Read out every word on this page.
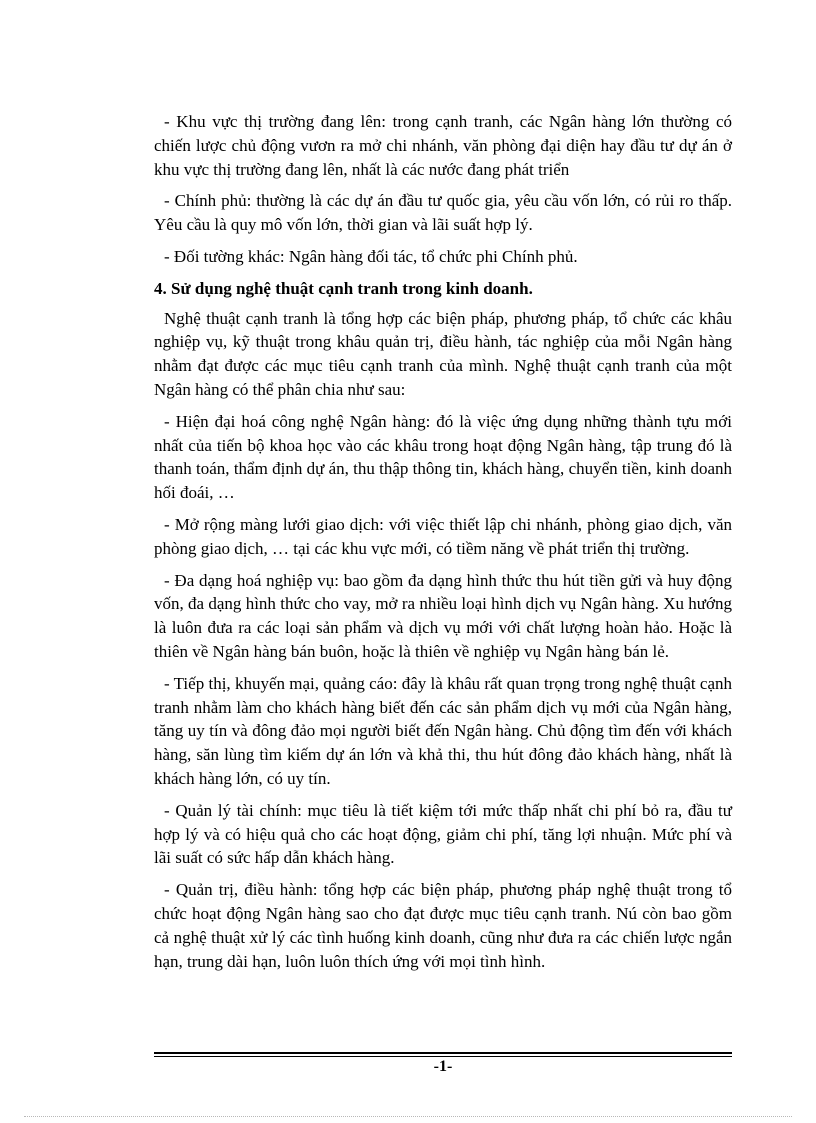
- Khu vực thị trường đang lên: trong cạnh tranh, các Ngân hàng lớn thường có chiến lược chủ động vươn ra mở chi nhánh, văn phòng đại diện hay đầu tư dự án ở khu vực thị trường đang lên, nhất là các nước đang phát triển

- Chính phủ: thường là các dự án đầu tư quốc gia, yêu cầu vốn lớn, có rủi ro thấp. Yêu cầu là quy mô vốn lớn, thời gian và lãi suất hợp lý.

- Đối tường khác: Ngân hàng đối tác, tổ chức phi Chính phủ.

4. Sử dụng nghệ thuật cạnh tranh trong kinh doanh.

Nghệ thuật cạnh tranh là tổng hợp các biện pháp, phương pháp, tổ chức các khâu nghiệp vụ, kỹ thuật trong khâu quản trị, điều hành, tác nghiệp của mỗi Ngân hàng nhằm đạt được các mục tiêu cạnh tranh của mình. Nghệ thuật cạnh tranh của một Ngân hàng có thể phân chia như sau:

- Hiện đại hoá công nghệ Ngân hàng: đó là việc ứng dụng những thành tựu mới nhất của tiến bộ khoa học vào các khâu trong hoạt động Ngân hàng, tập trung đó là thanh toán, thẩm định dự án, thu thập thông tin, khách hàng, chuyển tiền, kinh doanh hối đoái, …

- Mở rộng màng lưới giao dịch: với việc thiết lập chi nhánh, phòng giao dịch, văn phòng giao dịch, … tại các khu vực mới, có tiềm năng về phát triển thị trường.

- Đa dạng hoá nghiệp vụ: bao gồm đa dạng hình thức thu hút tiền gửi và huy động vốn, đa dạng hình thức cho vay, mở ra nhiều loại hình dịch vụ Ngân hàng. Xu hướng là luôn đưa ra các loại sản phẩm và dịch vụ mới với chất lượng hoàn hảo. Hoặc là thiên về Ngân hàng bán buôn, hoặc là thiên về nghiệp vụ Ngân hàng bán lẻ.

- Tiếp thị, khuyến mại, quảng cáo: đây là khâu rất quan trọng trong nghệ thuật cạnh tranh nhằm làm cho khách hàng biết đến các sản phẩm dịch vụ mới của Ngân hàng, tăng uy tín và đông đảo mọi người biết đến Ngân hàng. Chủ động tìm đến với khách hàng, săn lùng tìm kiếm dự án lớn và khả thi, thu hút đông đảo khách hàng, nhất là khách hàng lớn, có uy tín.

- Quản lý tài chính: mục tiêu là tiết kiệm tới mức thấp nhất chi phí bỏ ra, đầu tư hợp lý và có hiệu quả cho các hoạt động, giảm chi phí, tăng lợi nhuận. Mức phí và lãi suất có sức hấp dẫn khách hàng.

- Quản trị, điều hành: tổng hợp các biện pháp, phương pháp nghệ thuật trong tổ chức hoạt động Ngân hàng sao cho đạt được mục tiêu cạnh tranh. Nú còn bao gồm cả nghệ thuật xử lý các tình huống kinh doanh, cũng như đưa ra các chiến lược ngắn hạn, trung dài hạn, luôn luôn thích ứng với mọi tình hình.

-1-
